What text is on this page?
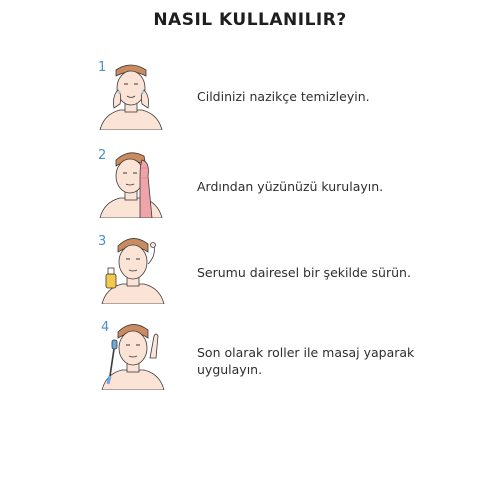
NASIL KULLANILIR?
1
Cildinizi nazikçe temizleyin.
2
Ardından yüzünüzü kurulayın.
3
Serumu dairesel bir şekilde sürün.
4
Son olarak roller ile masaj yaparak
uygulayın.
